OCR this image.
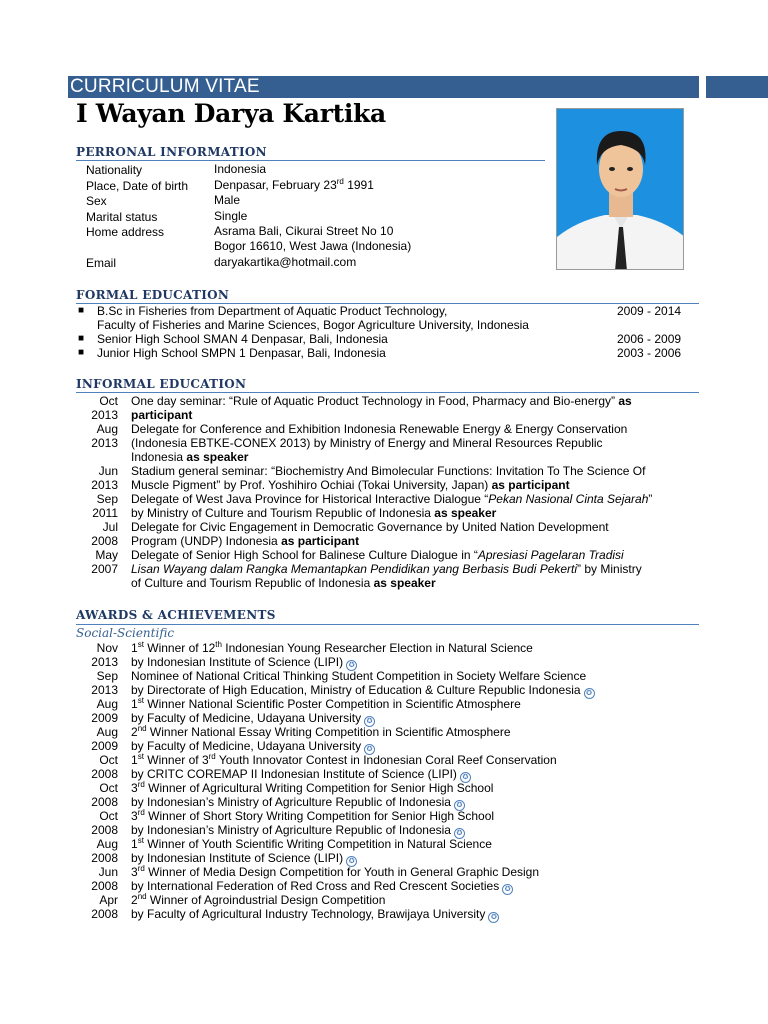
CURRICULUM VITAE
I Wayan Darya Kartika
PERRONAL INFORMATION
Nationality	Indonesia
Place, Date of birth Denpasar, February 23rd 1991
Sex	Male
Marital status	Single
Home address	Asrama Bali, Cikurai Street No 10
Bogor 16610, West Jawa (Indonesia)
Email	daryakartika@hotmail.com
FORMAL EDUCATION
■ B.Sc in Fisheries from Department of Aquatic Product Technology,	2009 - 2014
Faculty of Fisheries and Marine Sciences, Bogor Agriculture University, Indonesia
■ Senior High School SMAN 4 Denpasar, Bali, Indonesia	2006 - 2009
■ Junior High School SMPN 1 Denpasar, Bali, Indonesia	2003 - 2006
INFORMAL EDUCATION
Oct One day seminar: “Rule of Aquatic Product Technology in Food, Pharmacy and Bio-energy” as
2013 participant
Aug Delegate for Conference and Exhibition Indonesia Renewable Energy & Energy Conservation
2013 (Indonesia EBTKE-CONEX 2013) by Ministry of Energy and Mineral Resources Republic
Indonesia as speaker
Jun Stadium general seminar: “Biochemistry And Bimolecular Functions: Invitation To The Science Of
2013 Muscle Pigment” by Prof. Yoshihiro Ochiai (Tokai University, Japan) as participant
Sep Delegate of West Java Province for Historical Interactive Dialogue “Pekan Nasional Cinta Sejarah”
2011 by Ministry of Culture and Tourism Republic of Indonesia as speaker
Jul Delegate for Civic Engagement in Democratic Governance by United Nation Development
2008 Program (UNDP) Indonesia as participant
May Delegate of Senior High School for Balinese Culture Dialogue in “Apresiasi Pagelaran Tradisi
2007 Lisan Wayang dalam Rangka Memantapkan Pendidikan yang Berbasis Budi Pekerti” by Ministry
of Culture and Tourism Republic of Indonesia as speaker
AWARDS & ACHIEVEMENTS
Social-Scientific
Nov 1st Winner of 12th Indonesian Young Researcher Election in Natural Science
2013 by Indonesian Institute of Science (LIPI) ✪
Sep Nominee of National Critical Thinking Student Competition in Society Welfare Science
2013 by Directorate of High Education, Ministry of Education & Culture Republic Indonesia ✪
Aug 1st Winner National Scientific Poster Competition in Scientific Atmosphere
2009 by Faculty of Medicine, Udayana University ✪
Aug 2nd Winner National Essay Writing Competition in Scientific Atmosphere
2009 by Faculty of Medicine, Udayana University ✪
Oct 1st Winner of 3rd Youth Innovator Contest in Indonesian Coral Reef Conservation
2008 by CRITC COREMAP II Indonesian Institute of Science (LIPI) ✪
Oct 3rd Winner of Agricultural Writing Competition for Senior High School
2008 by Indonesian’s Ministry of Agriculture Republic of Indonesia ✪
Oct 3rd Winner of Short Story Writing Competition for Senior High School
2008 by Indonesian’s Ministry of Agriculture Republic of Indonesia ✪
Aug 1st Winner of Youth Scientific Writing Competition in Natural Science
2008 by Indonesian Institute of Science (LIPI) ✪
Jun 3rd Winner of Media Design Competition for Youth in General Graphic Design
2008 by International Federation of Red Cross and Red Crescent Societies ✪
Apr 2nd Winner of Agroindustrial Design Competition
2008 by Faculty of Agricultural Industry Technology, Brawijaya University ✪
